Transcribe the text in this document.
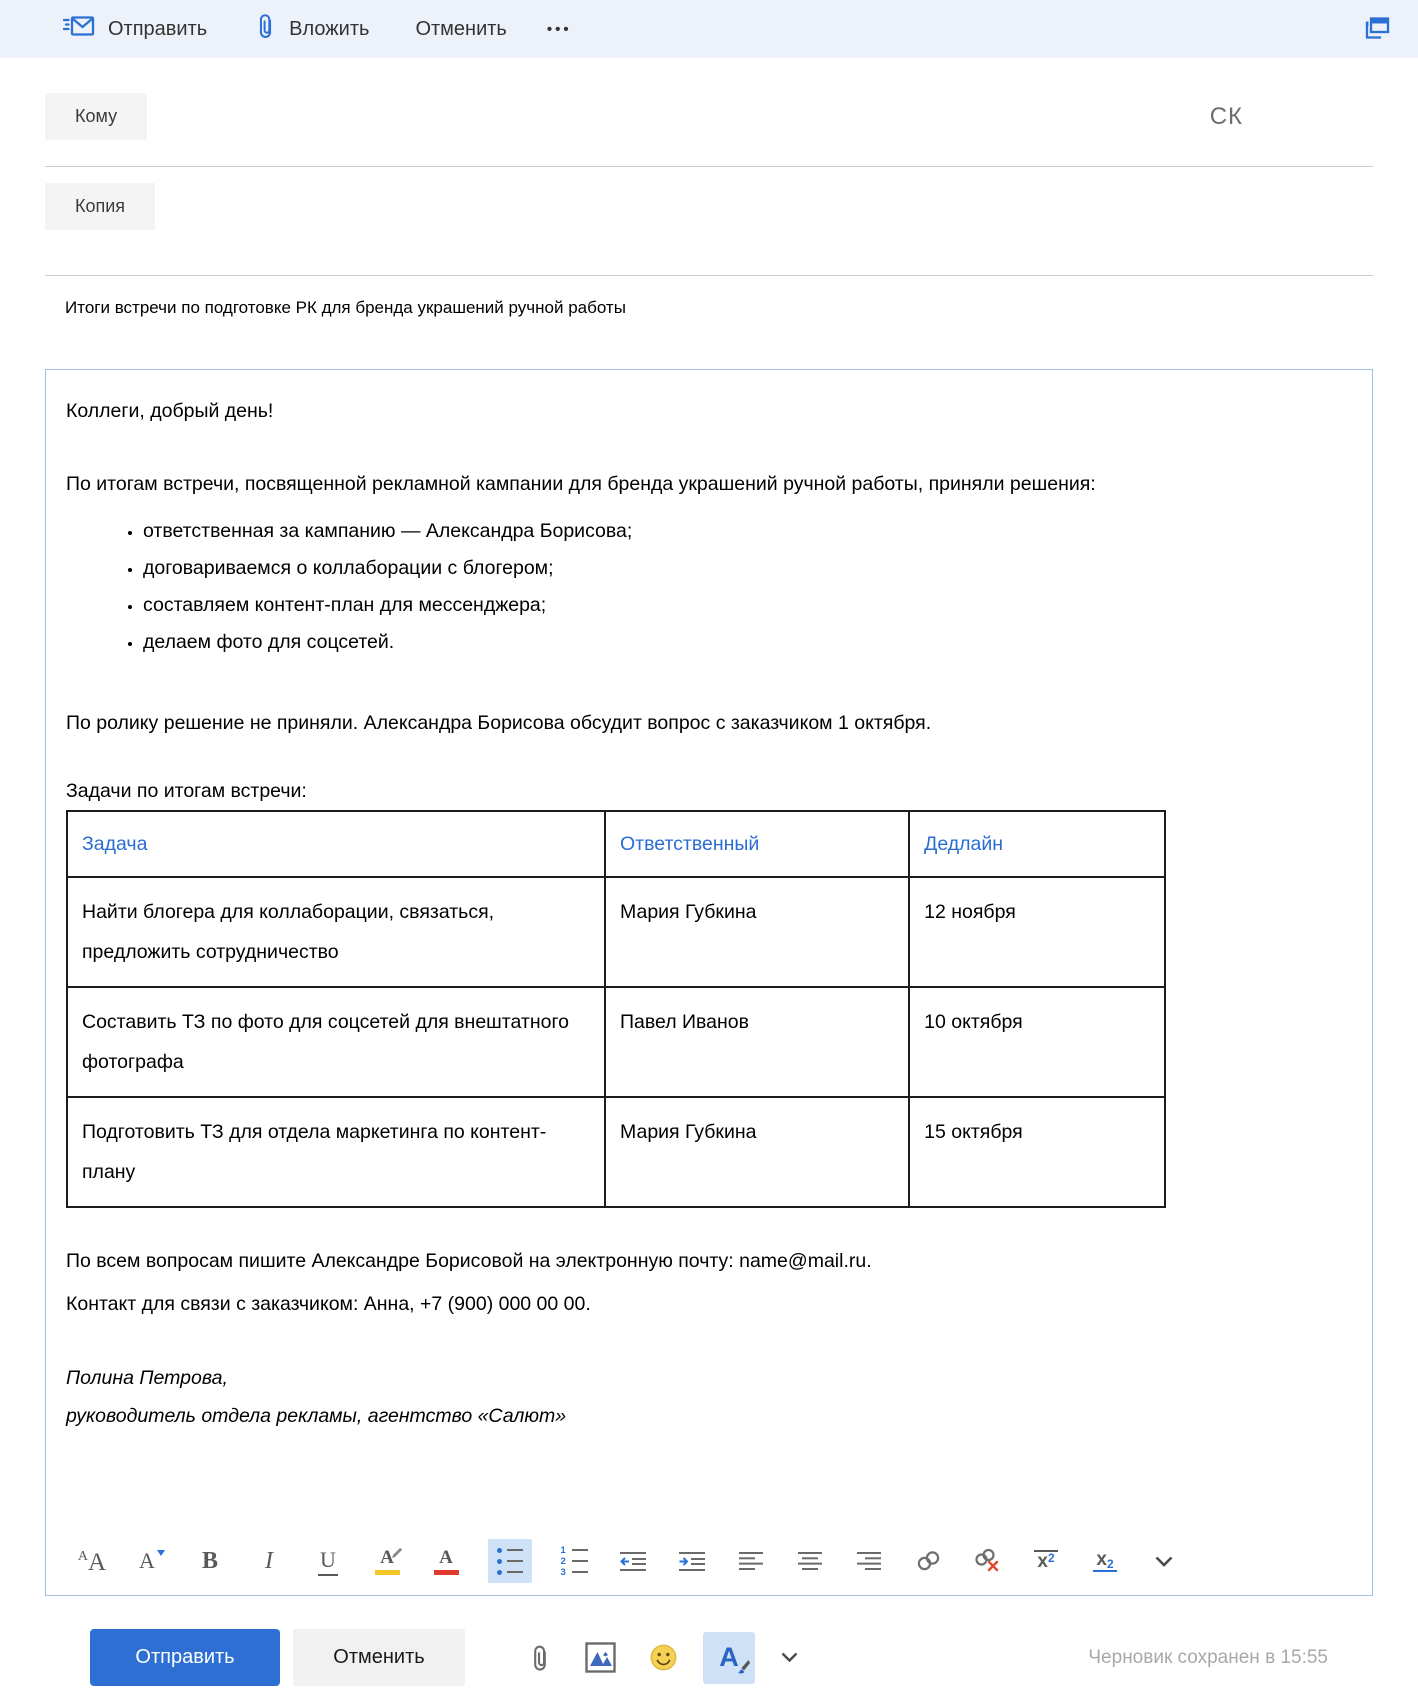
Отправить	Вложить Отменить	•••
Кому	СК
Копия
Итоги встречи по подготовке РК для бренда украшений ручной работы

Коллеги, добрый день!

По итогам встречи, посвященной рекламной кампании для бренда украшений ручной работы, приняли решения:

• ответственная за кампанию — Александра Борисова;
• договариваемся о коллаборации с блогером;
• составляем контент-план для мессенджера;
• делаем фото для соцсетей.

По ролику решение не приняли. Александра Борисова обсудит вопрос с заказчиком 1 октября.

Задачи по итогам встречи:

Задача	Ответственный	Дедлайн
Найти блогера для коллаборации, связаться, предложить сотрудничество	Мария Губкина	12 ноября
Составить ТЗ по фото для соцсетей для внештатного фотографа	Павел Иванов	10 октября
Подготовить ТЗ для отдела маркетинга по контент-плану	Мария Губкина	15 октября

По всем вопросам пишите Александре Борисовой на электронную почту: name@mail.ru.

Контакт для связи с заказчиком: Анна, +7 (900) 000 00 00.

Полина Петрова,
руководитель отдела рекламы, агентство «Салют»
$^A$A A	B I U A A	1
2
3	x 2 x 2
Отправить	Отменить	A	Черновик сохранен в 15:55
